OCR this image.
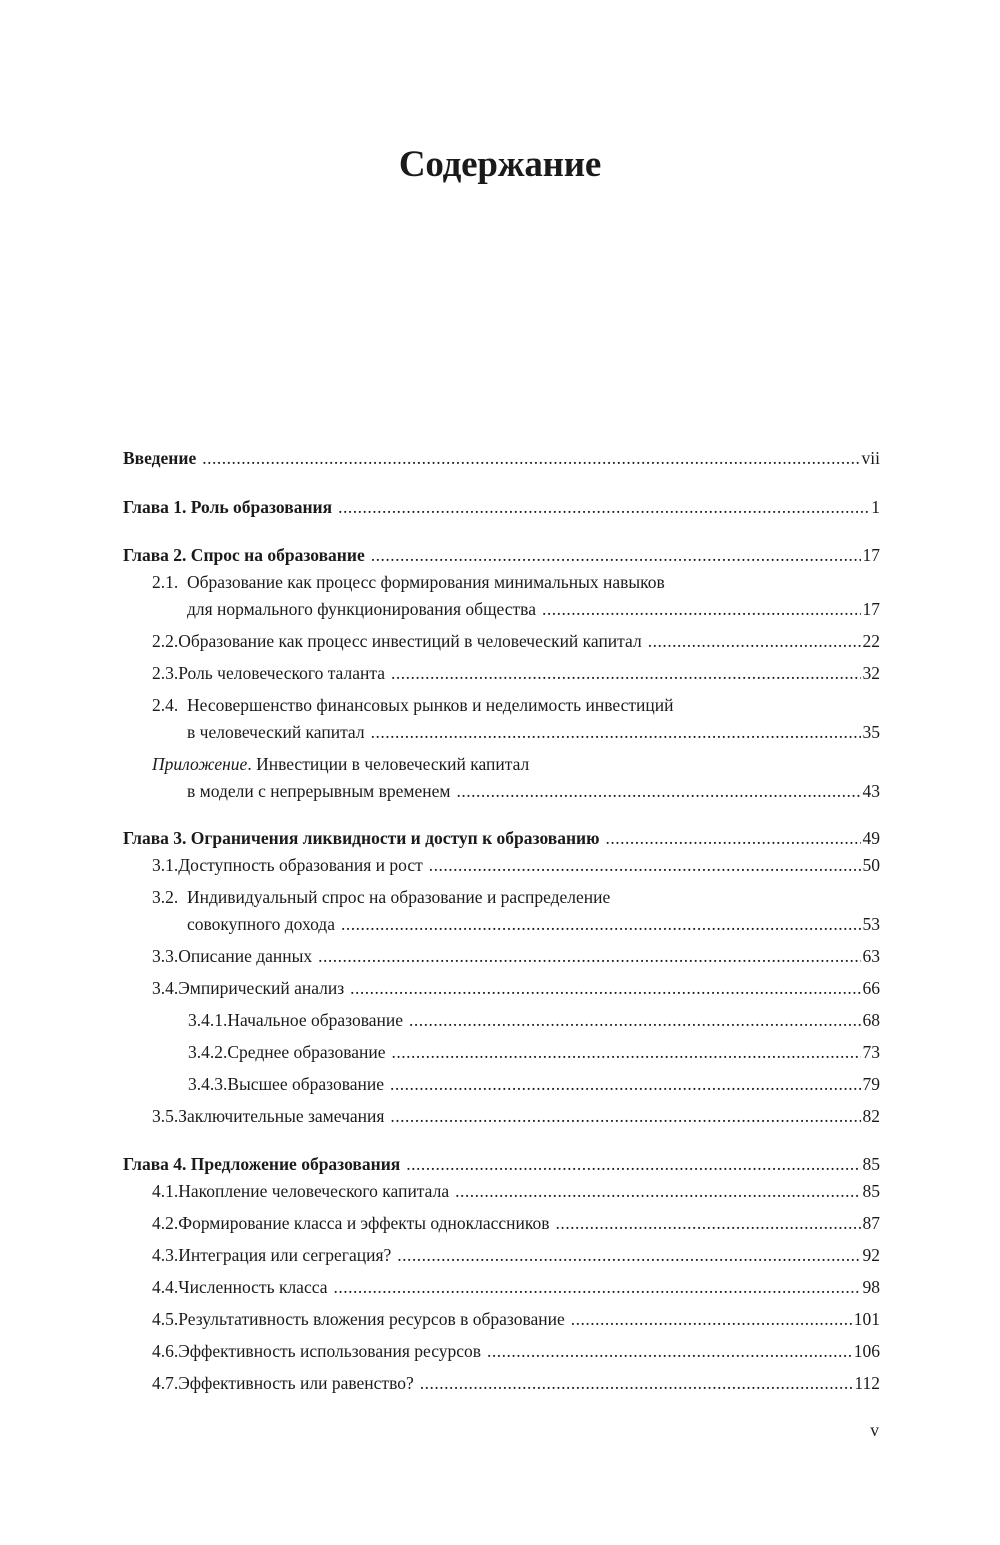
Содержание
Введение .....	vii
Глава 1. Роль образования .....	1
Глава 2. Спрос на образование .....	17
2.1. Образование как процесс формирования минимальных навыков
для нормального функционирования общества .....	17
2.2. Образование как процесс инвестиций в человеческий капитал .....	22
2.3. Роль человеческого таланта .....	32
2.4. Несовершенство финансовых рынков и неделимость инвестиций
в человеческий капитал .....	35
Приложение. Инвестиции в человеческий капитал
в модели с непрерывным временем .....	43
Глава 3. Ограничения ликвидности и доступ к образованию .....	49
3.1. Доступность образования и рост .....	50
3.2. Индивидуальный спрос на образование и распределение
совокупного дохода .....	53
3.3. Описание данных .....	63
3.4. Эмпирический анализ .....	66
3.4.1. Начальное образование .....	68
3.4.2. Среднее образование .....	73
3.4.3. Высшее образование .....	79
3.5. Заключительные замечания .....	82
Глава 4. Предложение образования .....	85
4.1. Накопление человеческого капитала .....	85
4.2. Формирование класса и эффекты одноклассников .....	87
4.3. Интеграция или сегрегация? .....	92
4.4. Численность класса .....	98
4.5. Результативность вложения ресурсов в образование .....	101
4.6. Эффективность использования ресурсов .....	106
4.7. Эффективность или равенство? .....	112
v
